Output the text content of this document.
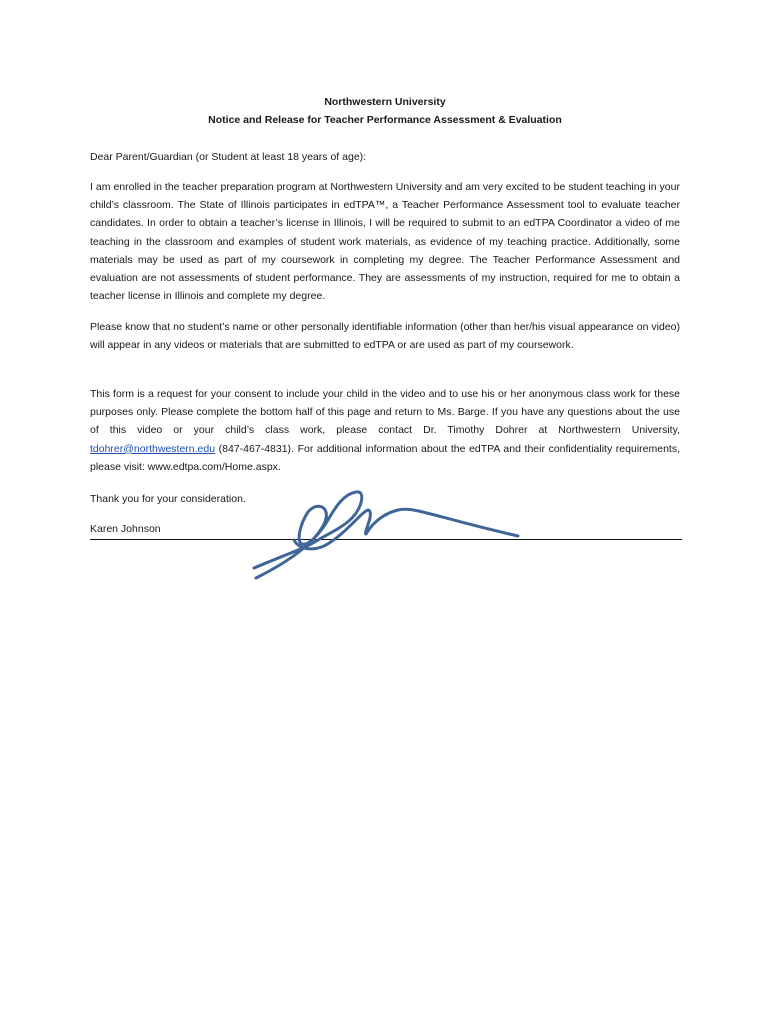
Northwestern University
Notice and Release for Teacher Performance Assessment & Evaluation
Dear Parent/Guardian (or Student at least 18 years of age):
I am enrolled in the teacher preparation program at Northwestern University and am very excited to be student teaching in your child’s classroom. The State of Illinois participates in edTPA™, a Teacher Performance Assessment tool to evaluate teacher candidates. In order to obtain a teacher’s license in Illinois, I will be required to submit to an edTPA Coordinator a video of me teaching in the classroom and examples of student work materials, as evidence of my teaching practice. Additionally, some materials may be used as part of my coursework in completing my degree. The Teacher Performance Assessment and evaluation are not assessments of student performance. They are assessments of my instruction, required for me to obtain a teacher license in Illinois and complete my degree.
Please know that no student’s name or other personally identifiable information (other than her/his visual appearance on video) will appear in any videos or materials that are submitted to edTPA or are used as part of my coursework.
This form is a request for your consent to include your child in the video and to use his or her anonymous class work for these purposes only. Please complete the bottom half of this page and return to Ms. Barge. If you have any questions about the use of this video or your child’s class work, please contact Dr. Timothy Dohrer at Northwestern University, tdohrer@northwestern.edu (847-467-4831). For additional information about the edTPA and their confidentiality requirements, please visit: www.edtpa.com/Home.aspx.
Thank you for your consideration.
Karen Johnson
